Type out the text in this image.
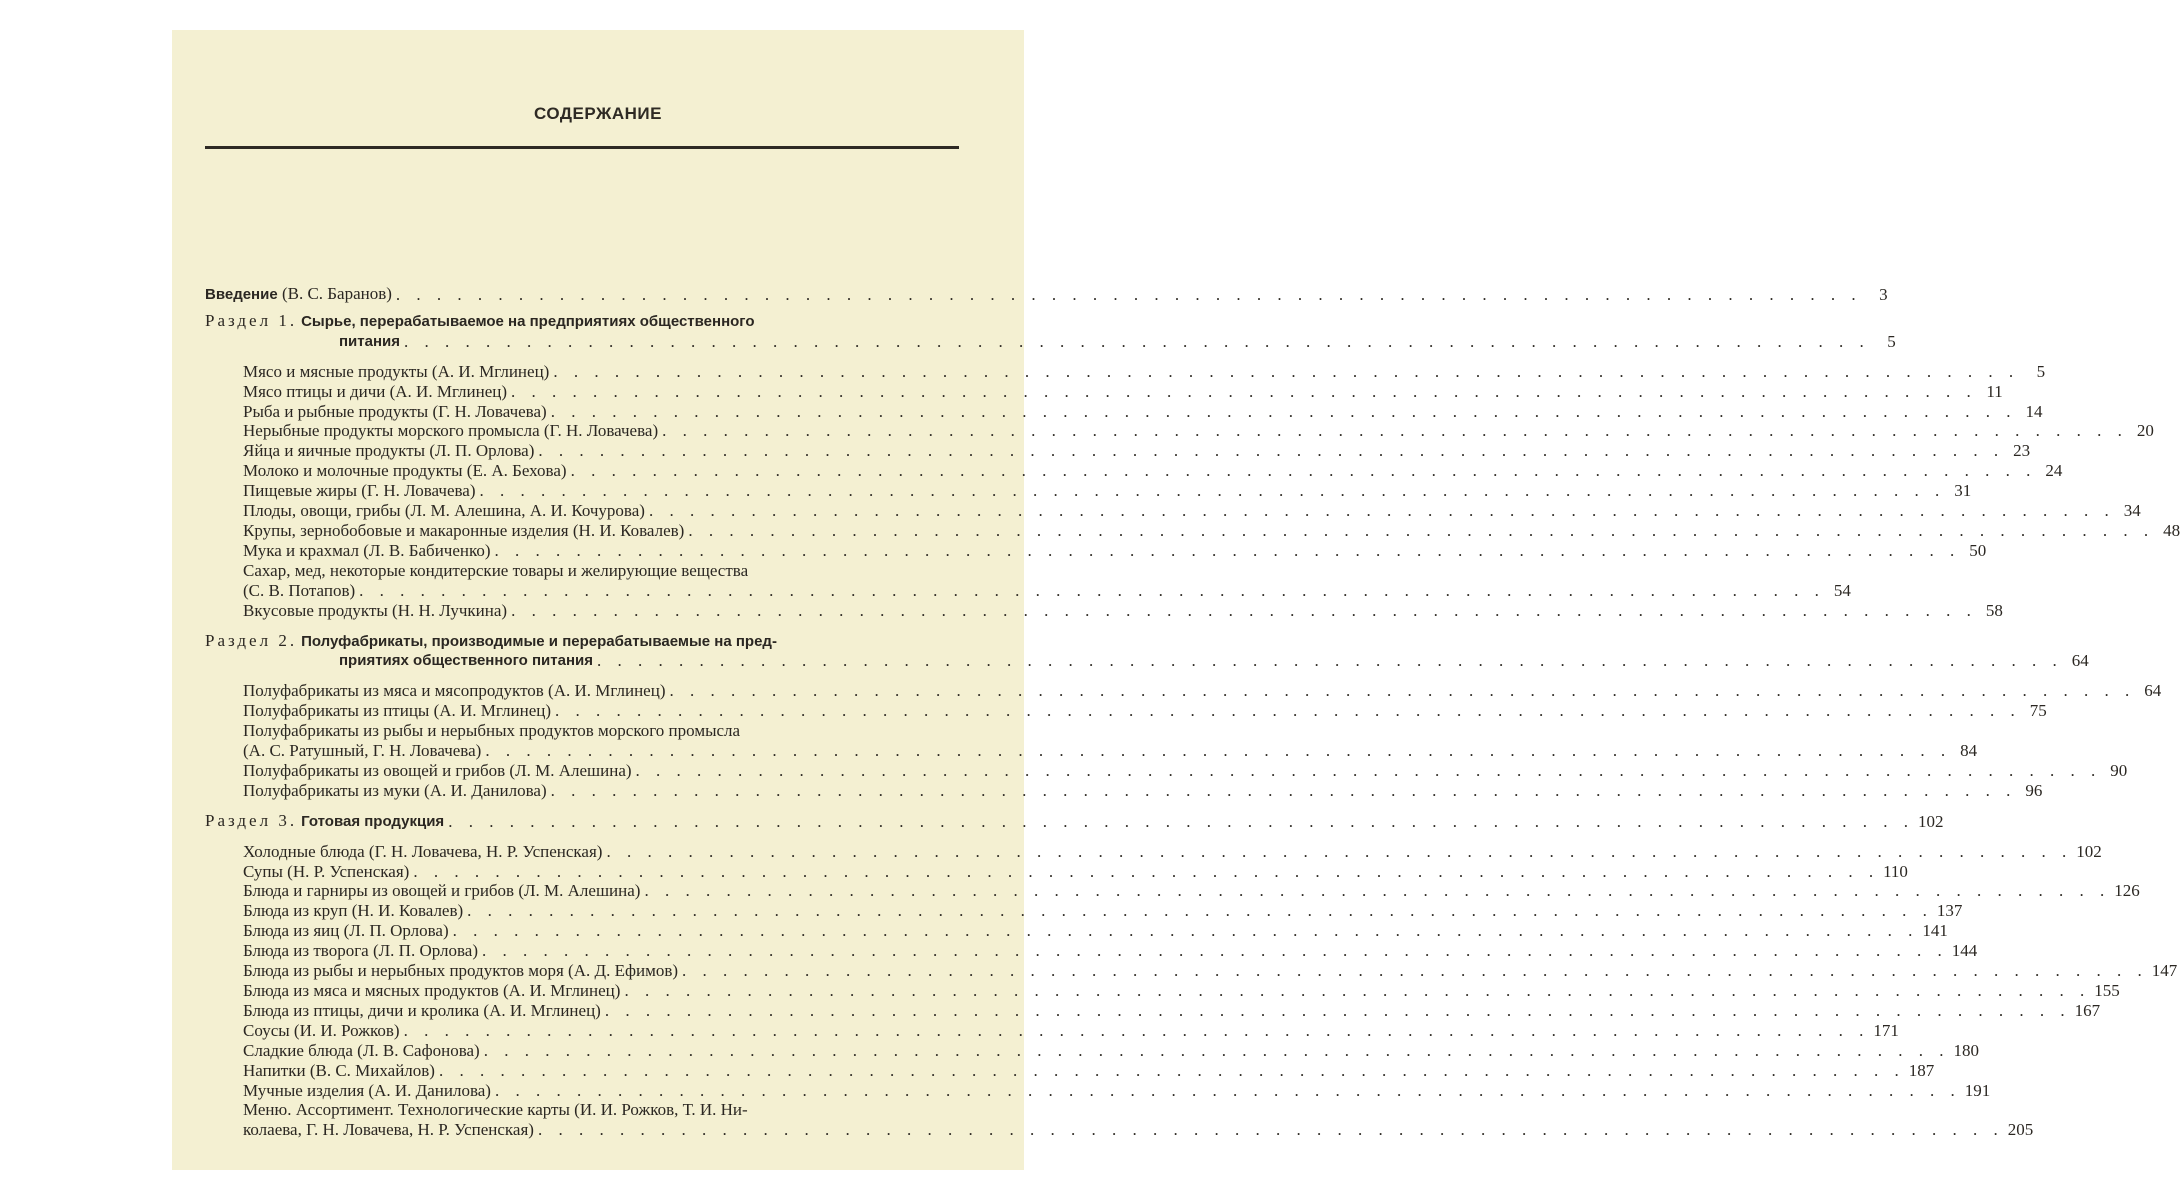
СОДЕРЖАНИЕ
Введение (В. С. Баранов) . . . . . . . . . . . . . . . . . . . . . . . . . . . . . . . . . . . . . . . . . . . . . . . . . . . . . . . . . . . . . . . . . . . . . . . .	3
Раздел 1. Сырье, перерабатываемое на предприятиях общественного
питания . . . . . . . . . . . . . . . . . . . . . . . . . . . . . . . . . . . . . . . . . . . . . . . . . . . . . . . . . . . . . . . . . . . . . . . .	5
Мясо и мясные продукты (А. И. Мглинец) . . . . . . . . . . . . . . . . . . . . . . . . . . . . . . . . . . . . . . . . . . . . . . . . . . . . . . . . . . . . . . . . . . . . . . . .	5
Мясо птицы и дичи (А. И. Мглинец) . . . . . . . . . . . . . . . . . . . . . . . . . . . . . . . . . . . . . . . . . . . . . . . . . . . . . . . . . . . . . . . . . . . . . . . . 11
Рыба и рыбные продукты (Г. Н. Ловачева) . . . . . . . . . . . . . . . . . . . . . . . . . . . . . . . . . . . . . . . . . . . . . . . . . . . . . . . . . . . . . . . . . . . . . . . . 14
Нерыбные продукты морского промысла (Г. Н. Ловачева) . . . . . . . . . . . . . . . . . . . . . . . . . . . . . . . . . . . . . . . . . . . . . . . . . . . . . . . . . . . . . . . . . . . . . . . . 20
Яйца и яичные продукты (Л. П. Орлова) . . . . . . . . . . . . . . . . . . . . . . . . . . . . . . . . . . . . . . . . . . . . . . . . . . . . . . . . . . . . . . . . . . . . . . . . 23
Молоко и молочные продукты (Е. А. Бехова) . . . . . . . . . . . . . . . . . . . . . . . . . . . . . . . . . . . . . . . . . . . . . . . . . . . . . . . . . . . . . . . . . . . . . . . . 24
Пищевые жиры (Г. Н. Ловачева) . . . . . . . . . . . . . . . . . . . . . . . . . . . . . . . . . . . . . . . . . . . . . . . . . . . . . . . . . . . . . . . . . . . . . . . . 31
Плоды, овощи, грибы (Л. М. Алешина, А. И. Кочурова) . . . . . . . . . . . . . . . . . . . . . . . . . . . . . . . . . . . . . . . . . . . . . . . . . . . . . . . . . . . . . . . . . . . . . . . . 34
Крупы, зернобобовые и макаронные изделия (Н. И. Ковалев) . . . . . . . . . . . . . . . . . . . . . . . . . . . . . . . . . . . . . . . . . . . . . . . . . . . . . . . . . . . . . . . . . . . . . . . . 48
Мука и крахмал (Л. В. Бабиченко) . . . . . . . . . . . . . . . . . . . . . . . . . . . . . . . . . . . . . . . . . . . . . . . . . . . . . . . . . . . . . . . . . . . . . . . . 50
Сахар, мед, некоторые кондитерские товары и желирующие вещества
(С. В. Потапов) . . . . . . . . . . . . . . . . . . . . . . . . . . . . . . . . . . . . . . . . . . . . . . . . . . . . . . . . . . . . . . . . . . . . . . . . 54
Вкусовые продукты (Н. Н. Лучкина) . . . . . . . . . . . . . . . . . . . . . . . . . . . . . . . . . . . . . . . . . . . . . . . . . . . . . . . . . . . . . . . . . . . . . . . . 58
Раздел 2. Полуфабрикаты, производимые и перерабатываемые на пред-
приятиях общественного питания . . . . . . . . . . . . . . . . . . . . . . . . . . . . . . . . . . . . . . . . . . . . . . . . . . . . . . . . . . . . . . . . . . . . . . . . 64
Полуфабрикаты из мяса и мясопродуктов (А. И. Мглинец) . . . . . . . . . . . . . . . . . . . . . . . . . . . . . . . . . . . . . . . . . . . . . . . . . . . . . . . . . . . . . . . . . . . . . . . . 64
Полуфабрикаты из птицы (А. И. Мглинец) . . . . . . . . . . . . . . . . . . . . . . . . . . . . . . . . . . . . . . . . . . . . . . . . . . . . . . . . . . . . . . . . . . . . . . . . 75
Полуфабрикаты из рыбы и нерыбных продуктов морского промысла
(А. С. Ратушный, Г. Н. Ловачева) . . . . . . . . . . . . . . . . . . . . . . . . . . . . . . . . . . . . . . . . . . . . . . . . . . . . . . . . . . . . . . . . . . . . . . . . 84
Полуфабрикаты из овощей и грибов (Л. М. Алешина) . . . . . . . . . . . . . . . . . . . . . . . . . . . . . . . . . . . . . . . . . . . . . . . . . . . . . . . . . . . . . . . . . . . . . . . . 90
Полуфабрикаты из муки (А. И. Данилова) . . . . . . . . . . . . . . . . . . . . . . . . . . . . . . . . . . . . . . . . . . . . . . . . . . . . . . . . . . . . . . . . . . . . . . . . 96
Раздел 3. Готовая продукция . . . . . . . . . . . . . . . . . . . . . . . . . . . . . . . . . . . . . . . . . . . . . . . . . . . . . . . . . . . . . . . . . . . . . . . . 102
Холодные блюда (Г. Н. Ловачева, Н. Р. Успенская) . . . . . . . . . . . . . . . . . . . . . . . . . . . . . . . . . . . . . . . . . . . . . . . . . . . . . . . . . . . . . . . . . . . . . . . . 102
Супы (Н. Р. Успенская) . . . . . . . . . . . . . . . . . . . . . . . . . . . . . . . . . . . . . . . . . . . . . . . . . . . . . . . . . . . . . . . . . . . . . . . . 110
Блюда и гарниры из овощей и грибов (Л. М. Алешина) . . . . . . . . . . . . . . . . . . . . . . . . . . . . . . . . . . . . . . . . . . . . . . . . . . . . . . . . . . . . . . . . . . . . . . . . 126
Блюда из круп (Н. И. Ковалев) . . . . . . . . . . . . . . . . . . . . . . . . . . . . . . . . . . . . . . . . . . . . . . . . . . . . . . . . . . . . . . . . . . . . . . . . 137
Блюда из яиц (Л. П. Орлова) . . . . . . . . . . . . . . . . . . . . . . . . . . . . . . . . . . . . . . . . . . . . . . . . . . . . . . . . . . . . . . . . . . . . . . . . 141
Блюда из творога (Л. П. Орлова) . . . . . . . . . . . . . . . . . . . . . . . . . . . . . . . . . . . . . . . . . . . . . . . . . . . . . . . . . . . . . . . . . . . . . . . . 144
Блюда из рыбы и нерыбных продуктов моря (А. Д. Ефимов) . . . . . . . . . . . . . . . . . . . . . . . . . . . . . . . . . . . . . . . . . . . . . . . . . . . . . . . . . . . . . . . . . . . . . . . . 147
Блюда из мяса и мясных продуктов (А. И. Мглинец) . . . . . . . . . . . . . . . . . . . . . . . . . . . . . . . . . . . . . . . . . . . . . . . . . . . . . . . . . . . . . . . . . . . . . . . . 155
Блюда из птицы, дичи и кролика (А. И. Мглинец) . . . . . . . . . . . . . . . . . . . . . . . . . . . . . . . . . . . . . . . . . . . . . . . . . . . . . . . . . . . . . . . . . . . . . . . . 167
Соусы (И. И. Рожков) . . . . . . . . . . . . . . . . . . . . . . . . . . . . . . . . . . . . . . . . . . . . . . . . . . . . . . . . . . . . . . . . . . . . . . . . 171
Сладкие блюда (Л. В. Сафонова) . . . . . . . . . . . . . . . . . . . . . . . . . . . . . . . . . . . . . . . . . . . . . . . . . . . . . . . . . . . . . . . . . . . . . . . . 180
Напитки (В. С. Михайлов) . . . . . . . . . . . . . . . . . . . . . . . . . . . . . . . . . . . . . . . . . . . . . . . . . . . . . . . . . . . . . . . . . . . . . . . . 187
Мучные изделия (А. И. Данилова) . . . . . . . . . . . . . . . . . . . . . . . . . . . . . . . . . . . . . . . . . . . . . . . . . . . . . . . . . . . . . . . . . . . . . . . . 191
Меню. Ассортимент. Технологические карты (И. И. Рожков, Т. И. Ни-
колаева, Г. Н. Ловачева, Н. Р. Успенская) . . . . . . . . . . . . . . . . . . . . . . . . . . . . . . . . . . . . . . . . . . . . . . . . . . . . . . . . . . . . . . . . . . . . . . . . 205
